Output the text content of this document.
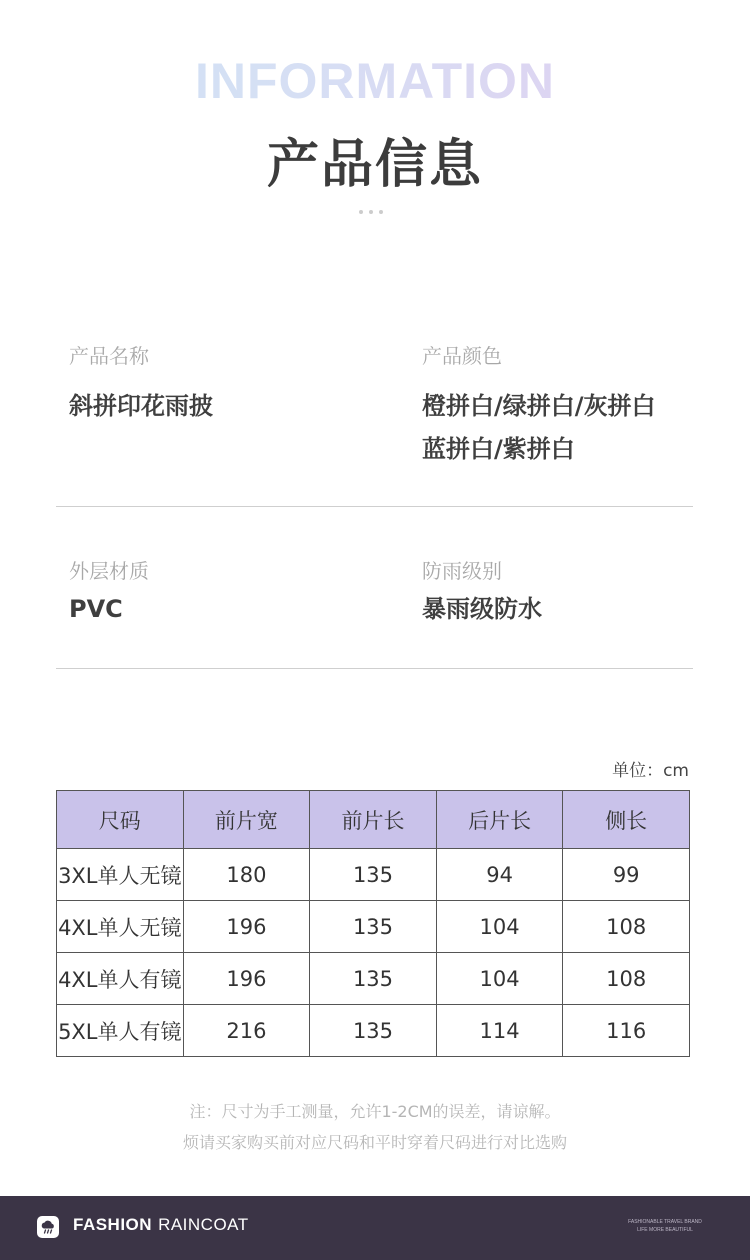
INFORMATION
产品信息
产品名称
斜拼印花雨披
产品颜色
橙拼白/绿拼白/灰拼白
蓝拼白/紫拼白
外层材质
PVC
防雨级别
暴雨级防水
单位：cm
尺码	前片宽	前片长	后片长	侧长
3XL单人无镜	180	135	94	99
4XL单人无镜	196	135	104	108
4XL单人有镜	196	135	104	108
5XL单人有镜	216	135	114	116
注：尺寸为手工测量，允许1-2CM的误差，请谅解。
烦请买家购买前对应尺码和平时穿着尺码进行对比选购
FASHION RAINCOAT	FASHIONABLE TRAVEL BRAND
LIFE MORE BEAUTIFUL
